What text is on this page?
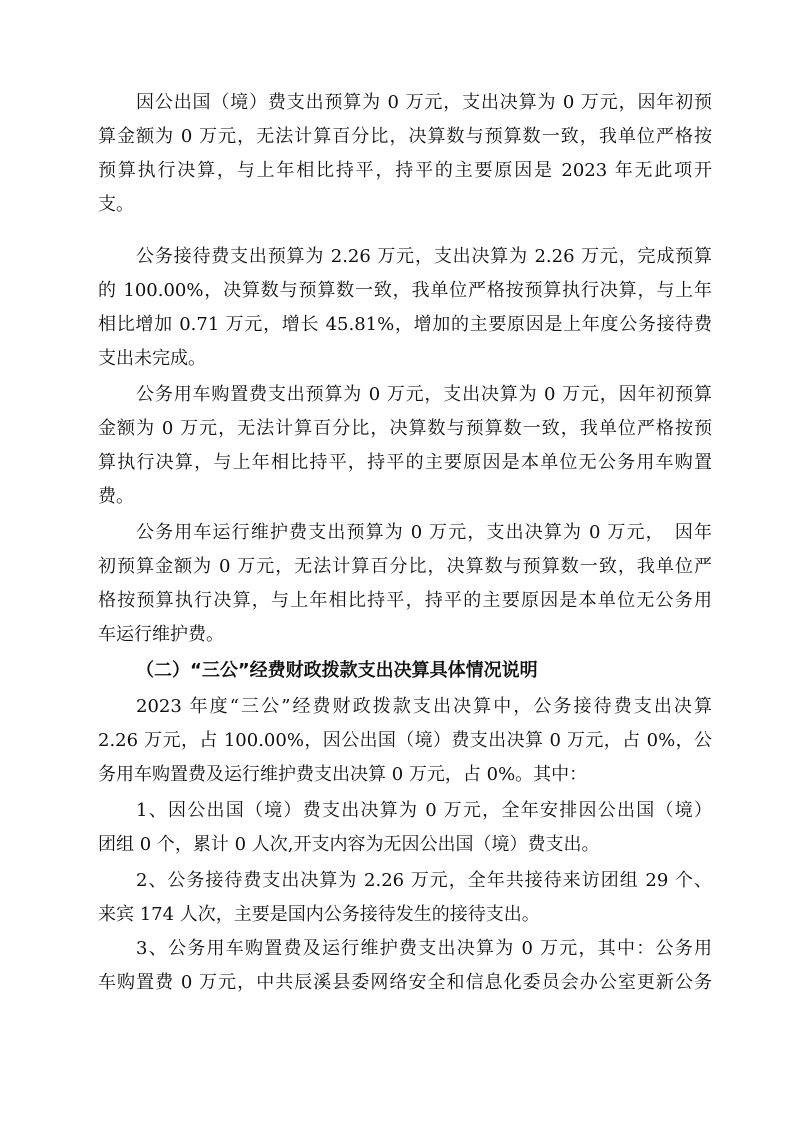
因公出国（境）费支出预算为 0 万元，支出决算为 0 万元，因年初预
算金额为 0 万元，无法计算百分比，决算数与预算数一致，我单位严格按
预算执行决算，与上年相比持平，持平的主要原因是 2023 年无此项开
支。
公务接待费支出预算为 2.26 万元，支出决算为 2.26 万元，完成预算
的 100.00%，决算数与预算数一致，我单位严格按预算执行决算，与上年
相比增加 0.71 万元，增长 45.81%，增加的主要原因是上年度公务接待费
支出未完成。
公务用车购置费支出预算为 0 万元，支出决算为 0 万元，因年初预算
金额为 0 万元，无法计算百分比，决算数与预算数一致，我单位严格按预
算执行决算，与上年相比持平，持平的主要原因是本单位无公务用车购置
费。
公务用车运行维护费支出预算为 0 万元，支出决算为 0 万元，　因年
初预算金额为 0 万元，无法计算百分比，决算数与预算数一致，我单位严
格按预算执行决算，与上年相比持平，持平的主要原因是本单位无公务用
车运行维护费。
（二）“三公”经费财政拨款支出决算具体情况说明
2023 年度“三公”经费财政拨款支出决算中，公务接待费支出决算
2.26 万元，占 100.00%，因公出国（境）费支出决算 0 万元，占 0%，公
务用车购置费及运行维护费支出决算 0 万元，占 0%。其中：
1、因公出国（境）费支出决算为 0 万元，全年安排因公出国（境）
团组 0 个，累计 0 人次,开支内容为无因公出国（境）费支出。
2、公务接待费支出决算为 2.26 万元，全年共接待来访团组 29 个、
来宾 174 人次，主要是国内公务接待发生的接待支出。
3、公务用车购置费及运行维护费支出决算为 0 万元，其中：公务用
车购置费 0 万元，中共辰溪县委网络安全和信息化委员会办公室更新公务
